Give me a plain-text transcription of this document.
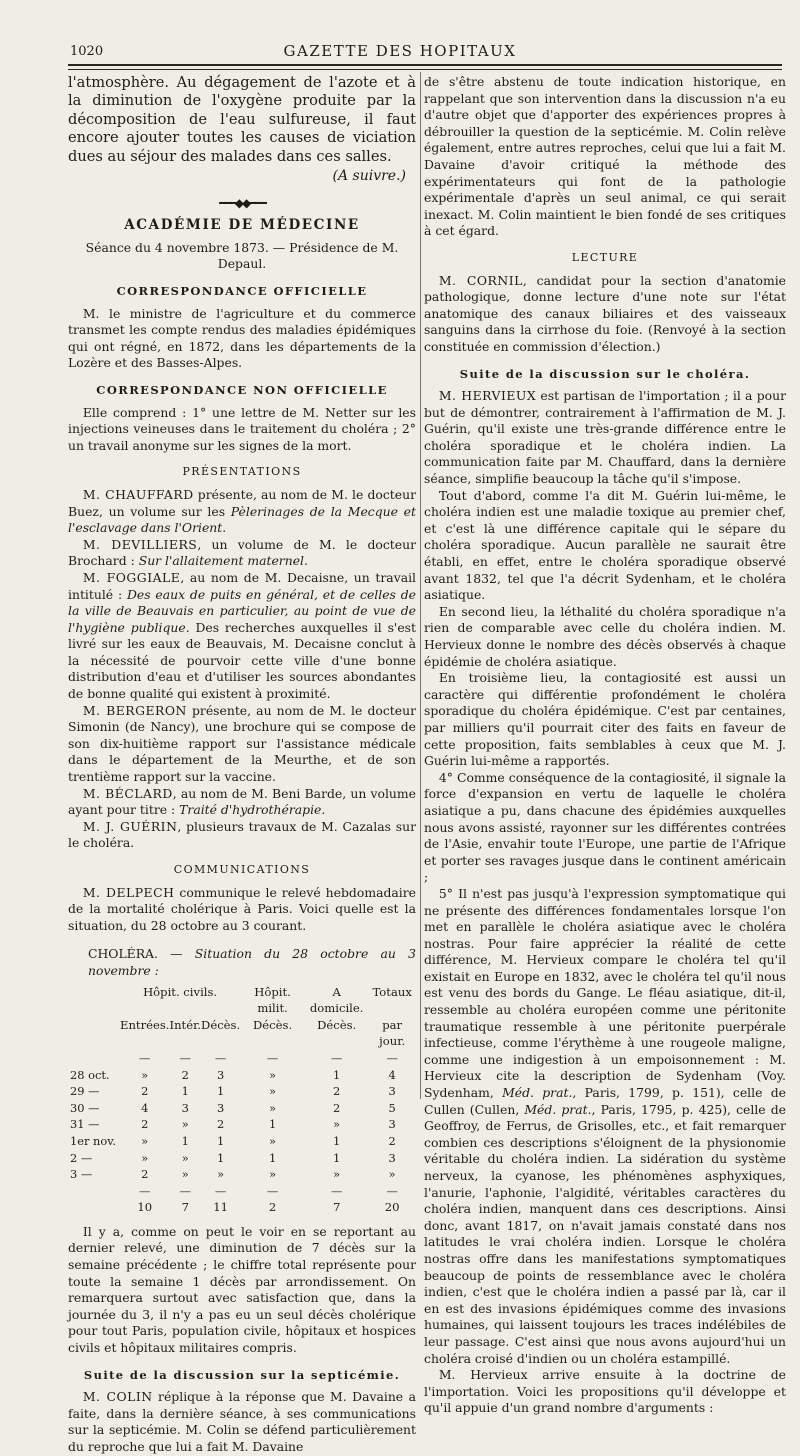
1020	GAZETTE DES HOPITAUX

l'atmosphère. Au dégagement de l'azote et à la diminution de l'oxygène produite par la décomposition de l'eau sulfureuse, il faut encore ajouter toutes les causes de viciation dues au séjour des malades dans ces salles.

(A suivre.)
━━━◆◆━━━
ACADÉMIE DE MÉDECINE
Séance du 4 novembre 1873. — Présidence de M. Depaul.
CORRESPONDANCE OFFICIELLE

M. le ministre de l'agriculture et du commerce transmet les compte rendus des maladies épidémiques qui ont régné, en 1872, dans les départements de la Lozère et des Basses-Alpes.

CORRESPONDANCE NON OFFICIELLE

Elle comprend : 1° une lettre de M. Netter sur les injections veineuses dans le traitement du choléra ; 2° un travail anonyme sur les signes de la mort.

PRÉSENTATIONS

M. CHAUFFARD présente, au nom de M. le docteur Buez, un volume sur les Pèlerinages de la Mecque et l'esclavage dans l'Orient.

M. DEVILLIERS, un volume de M. le docteur Brochard : Sur l'allaitement maternel.

M. FOGGIALE, au nom de M. Decaisne, un travail intitulé : Des eaux de puits en général, et de celles de la ville de Beauvais en particulier, au point de vue de l'hygiène publique. Des recherches auxquelles il s'est livré sur les eaux de Beauvais, M. Decaisne conclut à la nécessité de pourvoir cette ville d'une bonne distribution d'eau et d'utiliser les sources abondantes de bonne qualité qui existent à proximité.

M. BERGERON présente, au nom de M. le docteur Simonin (de Nancy), une brochure qui se compose de son dix-huitième rapport sur l'assistance médicale dans le département de la Meurthe, et de son trentième rapport sur la vaccine.

M. BÉCLARD, au nom de M. Beni Barde, un volume ayant pour titre : Traité d'hydrothérapie.

M. J. GUÉRIN, plusieurs travaux de M. Cazalas sur le choléra.

COMMUNICATIONS

M. DELPECH communique le relevé hebdomadaire de la mortalité cholérique à Paris. Voici quelle est la situation, du 28 octobre au 3 courant.

CHOLÉRA. — Situation du 28 octobre au 3 novembre :
	Hôpit. civils.			Hôpit. milit.	A domicile.	Totaux
	Entrées.	Intér.	Décès.	Décès.	Décès.	par jour.
	—	—	—	—	—	—
28 oct.	»	2	3	»	1	4
29 —	2	1	1	»	2	3
30 —	4	3	3	»	2	5
31 —	2	»	2	1	»	3
1er nov.	»	1	1	»	1	2
2 —	»	»	1	1	1	3
3 —	2	»	»	»	»	»
	—	—	—	—	—	—
	10	7	11	2	7	20

Il y a, comme on peut le voir en se reportant au dernier relevé, une diminution de 7 décès sur la semaine précédente ; le chiffre total représente pour toute la semaine 1 décès par arrondissement. On remarquera surtout avec satisfaction que, dans la journée du 3, il n'y a pas eu un seul décès cholérique pour tout Paris, population civile, hôpitaux et hospices civils et hôpitaux militaires compris.

Suite de la discussion sur la septicémie.

M. COLIN réplique à la réponse que M. Davaine a faite, dans la dernière séance, à ses communications sur la septicémie. M. Colin se défend particulièrement du reproche que lui a fait M. Davaine

de s'être abstenu de toute indication historique, en rappelant que son intervention dans la discussion n'a eu d'autre objet que d'apporter des expériences propres à débrouiller la question de la septicémie. M. Colin relève également, entre autres reproches, celui que lui a fait M. Davaine d'avoir critiqué la méthode des expérimentateurs qui font de la pathologie expérimentale d'après un seul animal, ce qui serait inexact. M. Colin maintient le bien fondé de ses critiques à cet égard.

LECTURE

M. CORNIL, candidat pour la section d'anatomie pathologique, donne lecture d'une note sur l'état anatomique des canaux biliaires et des vaisseaux sanguins dans la cirrhose du foie. (Renvoyé à la section constituée en commission d'élection.)

Suite de la discussion sur le choléra.

M. HERVIEUX est partisan de l'importation ; il a pour but de démontrer, contrairement à l'affirmation de M. J. Guérin, qu'il existe une très-grande différence entre le choléra sporadique et le choléra indien. La communication faite par M. Chauffard, dans la dernière séance, simplifie beaucoup la tâche qu'il s'impose.

Tout d'abord, comme l'a dit M. Guérin lui-même, le choléra indien est une maladie toxique au premier chef, et c'est là une différence capitale qui le sépare du choléra sporadique. Aucun parallèle ne saurait être établi, en effet, entre le choléra sporadique observé avant 1832, tel que l'a décrit Sydenham, et le choléra asiatique.

En second lieu, la léthalité du choléra sporadique n'a rien de comparable avec celle du choléra indien. M. Hervieux donne le nombre des décès observés à chaque épidémie de choléra asiatique.

En troisième lieu, la contagiosité est aussi un caractère qui différentie profondément le choléra sporadique du choléra épidémique. C'est par centaines, par milliers qu'il pourrait citer des faits en faveur de cette proposition, faits semblables à ceux que M. J. Guérin lui-même a rapportés.

4° Comme conséquence de la contagiosité, il signale la force d'expansion en vertu de laquelle le choléra asiatique a pu, dans chacune des épidémies auxquelles nous avons assisté, rayonner sur les différentes contrées de l'Asie, envahir toute l'Europe, une partie de l'Afrique et porter ses ravages jusque dans le continent américain ;

5° Il n'est pas jusqu'à l'expression symptomatique qui ne présente des différences fondamentales lorsque l'on met en parallèle le choléra asiatique avec le choléra nostras. Pour faire apprécier la réalité de cette différence, M. Hervieux compare le choléra tel qu'il existait en Europe en 1832, avec le choléra tel qu'il nous est venu des bords du Gange. Le fléau asiatique, dit-il, ressemble au choléra européen comme une péritonite traumatique ressemble à une péritonite puerpérale infectieuse, comme l'érythème à une rougeole maligne, comme une indigestion à un empoisonnement : M. Hervieux cite la description de Sydenham (Voy. Sydenham, Méd. prat., Paris, 1799, p. 151), celle de Cullen (Cullen, Méd. prat., Paris, 1795, p. 425), celle de Geoffroy, de Ferrus, de Grisolles, etc., et fait remarquer combien ces descriptions s'éloignent de la physionomie véritable du choléra indien. La sidération du système nerveux, la cyanose, les phénomènes asphyxiques, l'anurie, l'aphonie, l'algidité, véritables caractères du choléra indien, manquent dans ces descriptions. Ainsi donc, avant 1817, on n'avait jamais constaté dans nos latitudes le vrai choléra indien. Lorsque le choléra nostras offre dans les manifestations symptomatiques beaucoup de points de ressemblance avec le choléra indien, c'est que le choléra indien a passé par là, car il en est des invasions épidémiques comme des invasions humaines, qui laissent toujours les traces indélébiles de leur passage. C'est ainsi que nous avons aujourd'hui un choléra croisé d'indien ou un choléra estampillé.

M. Hervieux arrive ensuite à la doctrine de l'importation. Voici les propositions qu'il développe et qu'il appuie d'un grand nombre d'arguments :
